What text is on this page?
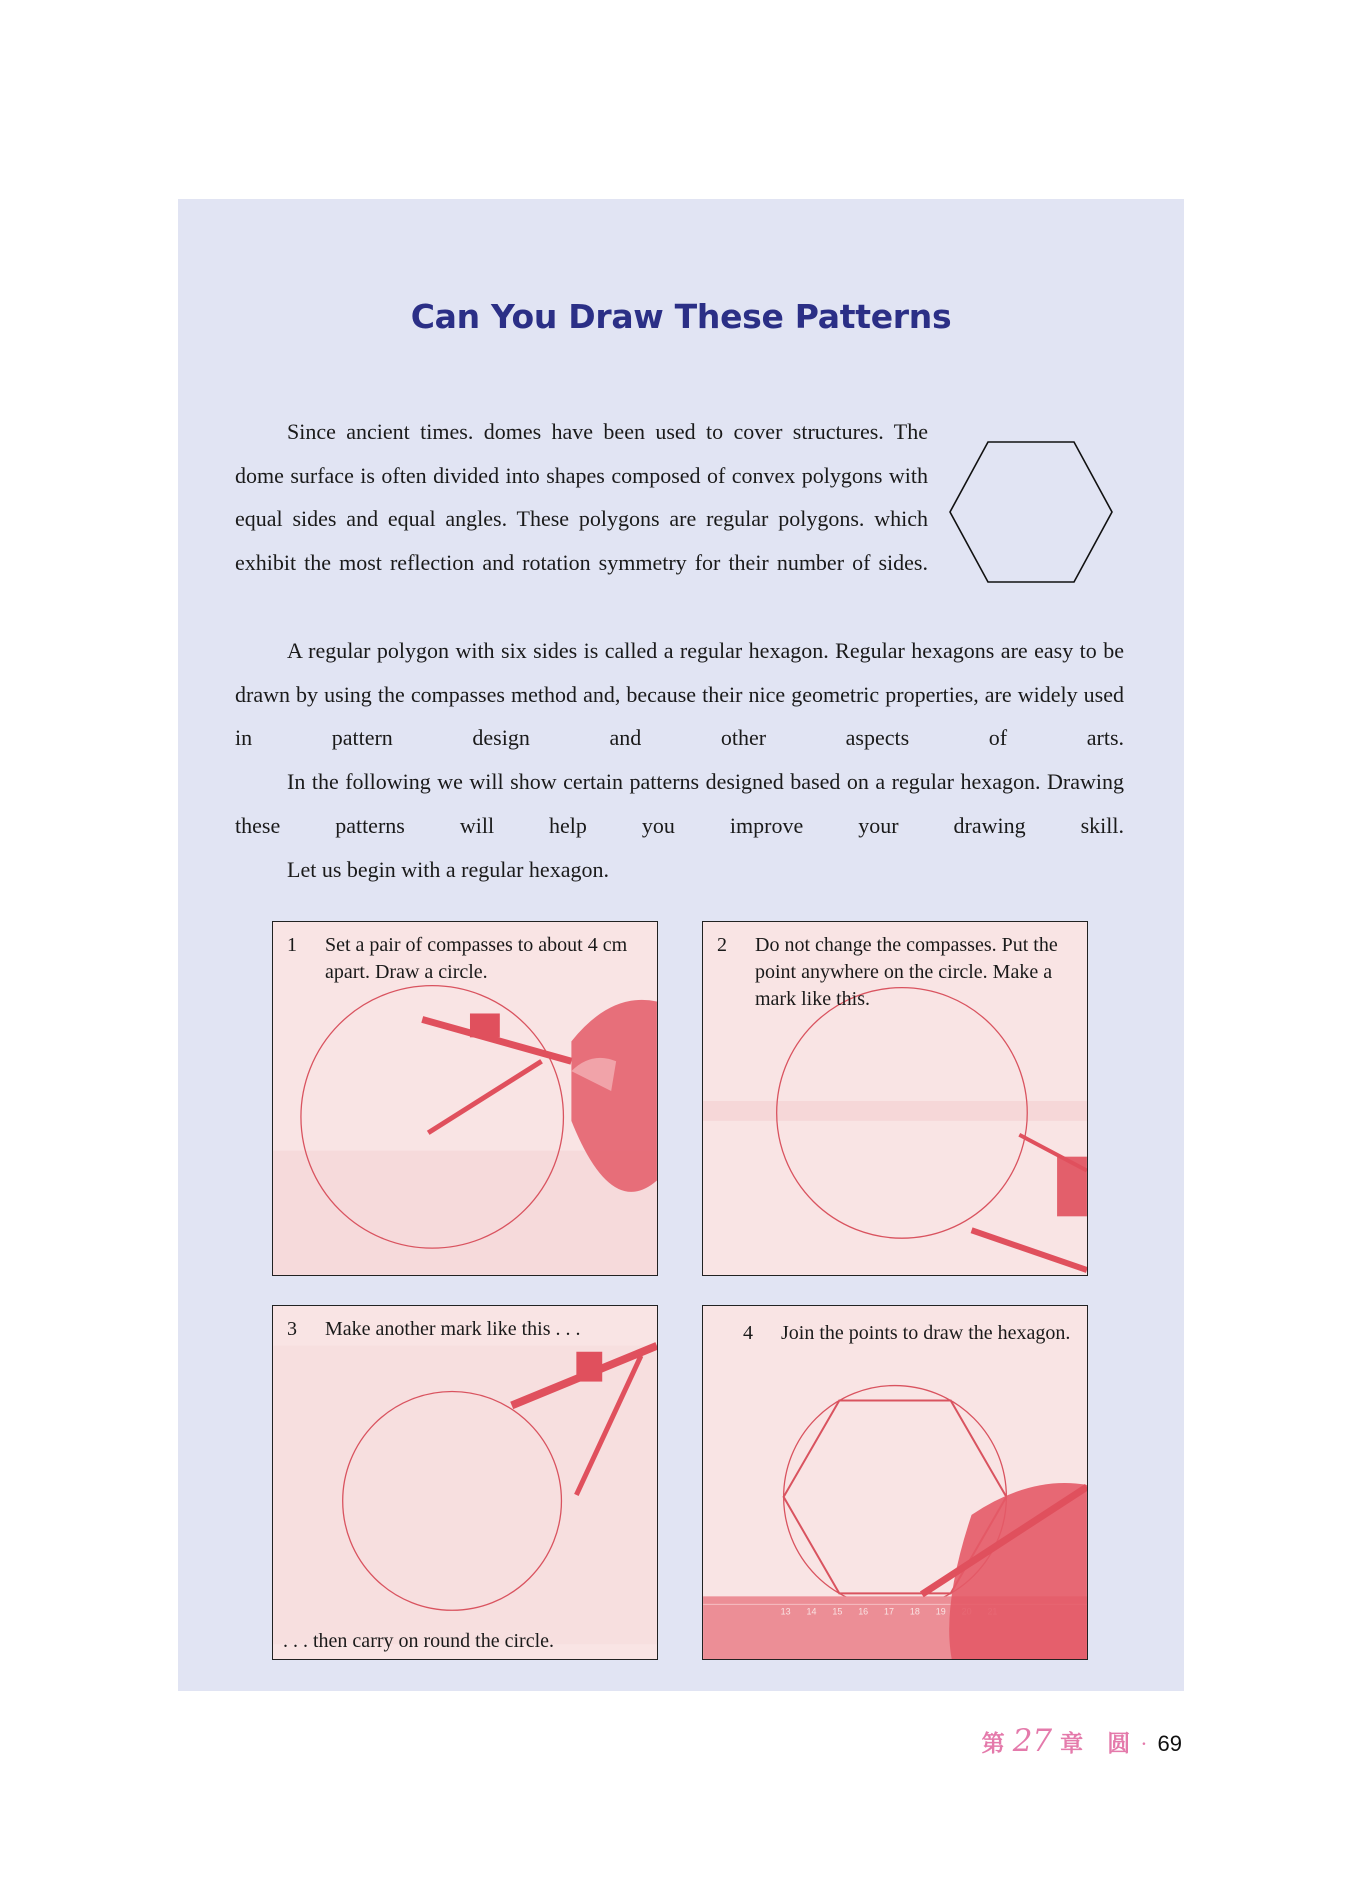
Can You Draw These Patterns

Since ancient times. domes have been used to cover structures. The dome surface is often divided into shapes composed of convex polygons with equal sides and equal angles. These polygons are regular polygons. which exhibit the most reflection and rotation symmetry for their number of sides.

A regular polygon with six sides is called a regular hexagon. Regular hexagons are easy to be drawn by using the compasses method and, because their nice geometric properties, are widely used in pattern design and other aspects of arts.

In the following we will show certain patterns designed based on a regular hexagon. Drawing these patterns will help you improve your drawing skill.

Let us begin with a regular hexagon.

1	Set a pair of compasses to about 4 cm apart. Draw a circle.
2	Do not change the compasses. Put the point anywhere on the circle. Make a mark like this.
3	Make another mark like this . . .

. . . then carry on round the circle.

13 14 15 16 17 18 19
4	Join the points to draw the hexagon.
第 27 章 圆 · 69
